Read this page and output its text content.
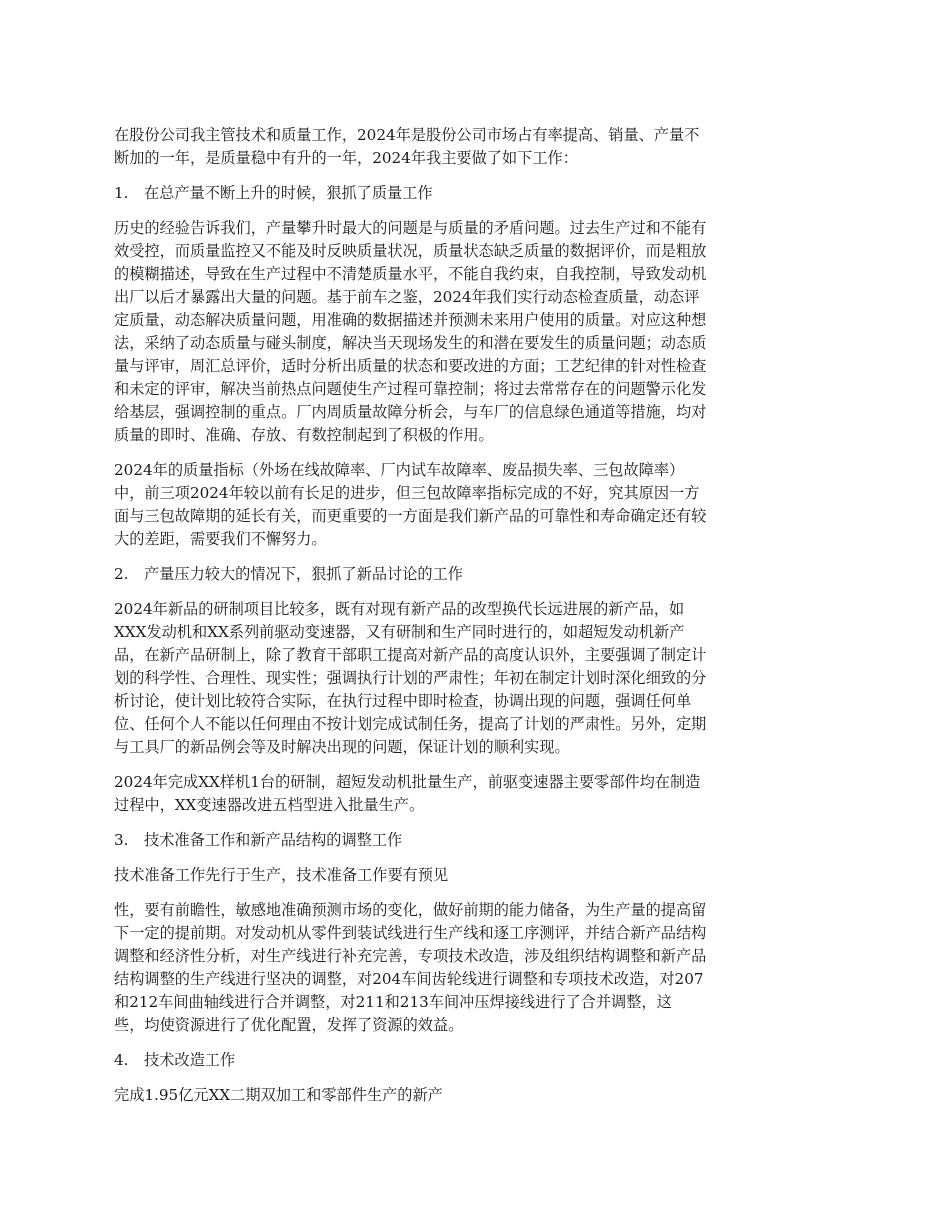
在股份公司我主管技术和质量工作，2024年是股份公司市场占有率提高、销量、产量不
断加的一年，是质量稳中有升的一年，2024年我主要做了如下工作：
1. 在总产量不断上升的时候，狠抓了质量工作
历史的经验告诉我们，产量攀升时最大的问题是与质量的矛盾问题。过去生产过和不能有
效受控，而质量监控又不能及时反映质量状况，质量状态缺乏质量的数据评价，而是粗放
的模糊描述，导致在生产过程中不清楚质量水平，不能自我约束，自我控制，导致发动机
出厂以后才暴露出大量的问题。基于前车之鉴，2024年我们实行动态检查质量，动态评
定质量，动态解决质量问题，用准确的数据描述并预测未来用户使用的质量。对应这种想
法，采纳了动态质量与碰头制度，解决当天现场发生的和潜在要发生的质量问题；动态质
量与评审，周汇总评价，适时分析出质量的状态和要改进的方面；工艺纪律的针对性检查
和未定的评审，解决当前热点问题使生产过程可靠控制；将过去常常存在的问题警示化发
给基层，强调控制的重点。厂内周质量故障分析会，与车厂的信息绿色通道等措施，均对
质量的即时、准确、存放、有数控制起到了积极的作用。
2024年的质量指标（外场在线故障率、厂内试车故障率、废品损失率、三包故障率）
中，前三项2024年较以前有长足的进步，但三包故障率指标完成的不好，究其原因一方
面与三包故障期的延长有关，而更重要的一方面是我们新产品的可靠性和寿命确定还有较
大的差距，需要我们不懈努力。
2. 产量压力较大的情况下，狠抓了新品讨论的工作
2024年新品的研制项目比较多，既有对现有新产品的改型换代长远进展的新产品，如
XXX发动机和XX系列前驱动变速器，又有研制和生产同时进行的，如超短发动机新产
品，在新产品研制上，除了教育干部职工提高对新产品的高度认识外，主要强调了制定计
划的科学性、合理性、现实性；强调执行计划的严肃性；年初在制定计划时深化细致的分
析讨论，使计划比较符合实际，在执行过程中即时检查，协调出现的问题，强调任何单
位、任何个人不能以任何理由不按计划完成试制任务，提高了计划的严肃性。另外，定期
与工具厂的新品例会等及时解决出现的问题，保证计划的顺利实现。
2024年完成XX样机1台的研制，超短发动机批量生产，前驱变速器主要零部件均在制造
过程中，XX变速器改进五档型进入批量生产。
3. 技术准备工作和新产品结构的调整工作
技术准备工作先行于生产，技术准备工作要有预见
性，要有前瞻性，敏感地准确预测市场的变化，做好前期的能力储备，为生产量的提高留
下一定的提前期。对发动机从零件到装试线进行生产线和逐工序测评，并结合新产品结构
调整和经济性分析，对生产线进行补充完善，专项技术改造，涉及组织结构调整和新产品
结构调整的生产线进行坚决的调整，对204车间齿轮线进行调整和专项技术改造，对207
和212车间曲轴线进行合并调整，对211和213车间冲压焊接线进行了合并调整，这
些，均使资源进行了优化配置，发挥了资源的效益。
4. 技术改造工作
完成1.95亿元XX二期双加工和零部件生产的新产
